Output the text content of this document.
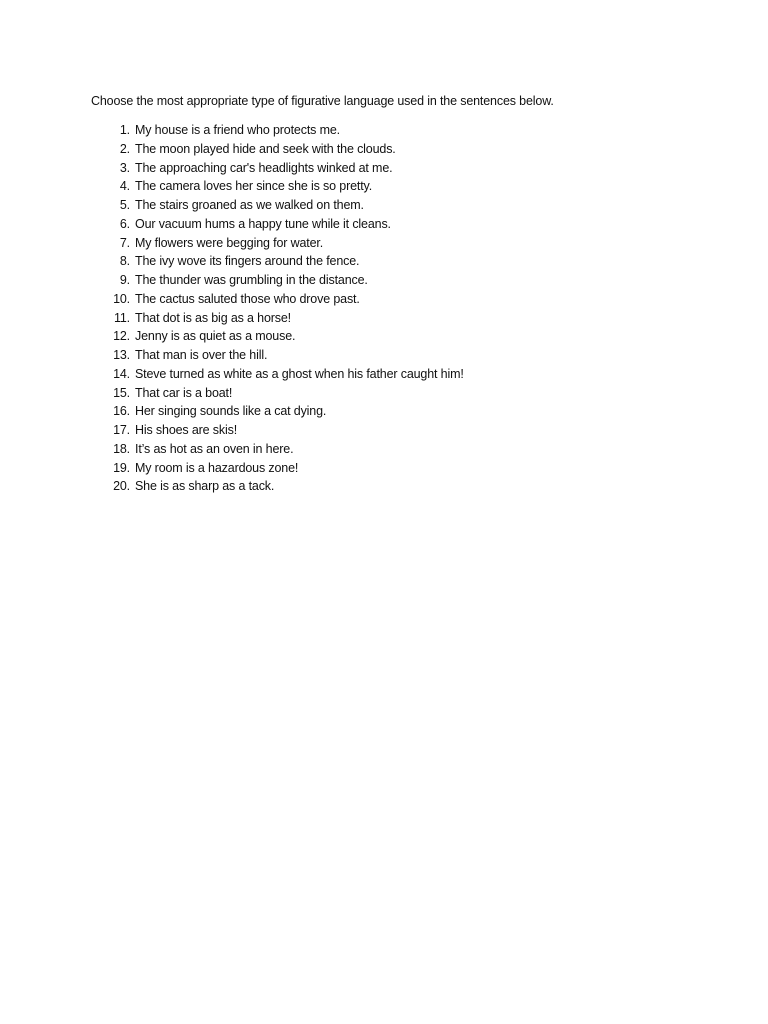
Choose the most appropriate type of figurative language used in the sentences below.
1. My house is a friend who protects me.
2. The moon played hide and seek with the clouds.
3. The approaching car's headlights winked at me.
4. The camera loves her since she is so pretty.
5. The stairs groaned as we walked on them.
6. Our vacuum hums a happy tune while it cleans.
7. My flowers were begging for water.
8. The ivy wove its fingers around the fence.
9. The thunder was grumbling in the distance.
10. The cactus saluted those who drove past.
11. That dot is as big as a horse!
12. Jenny is as quiet as a mouse.
13. That man is over the hill.
14. Steve turned as white as a ghost when his father caught him!
15. That car is a boat!
16. Her singing sounds like a cat dying.
17. His shoes are skis!
18. It’s as hot as an oven in here.
19. My room is a hazardous zone!
20. She is as sharp as a tack.
